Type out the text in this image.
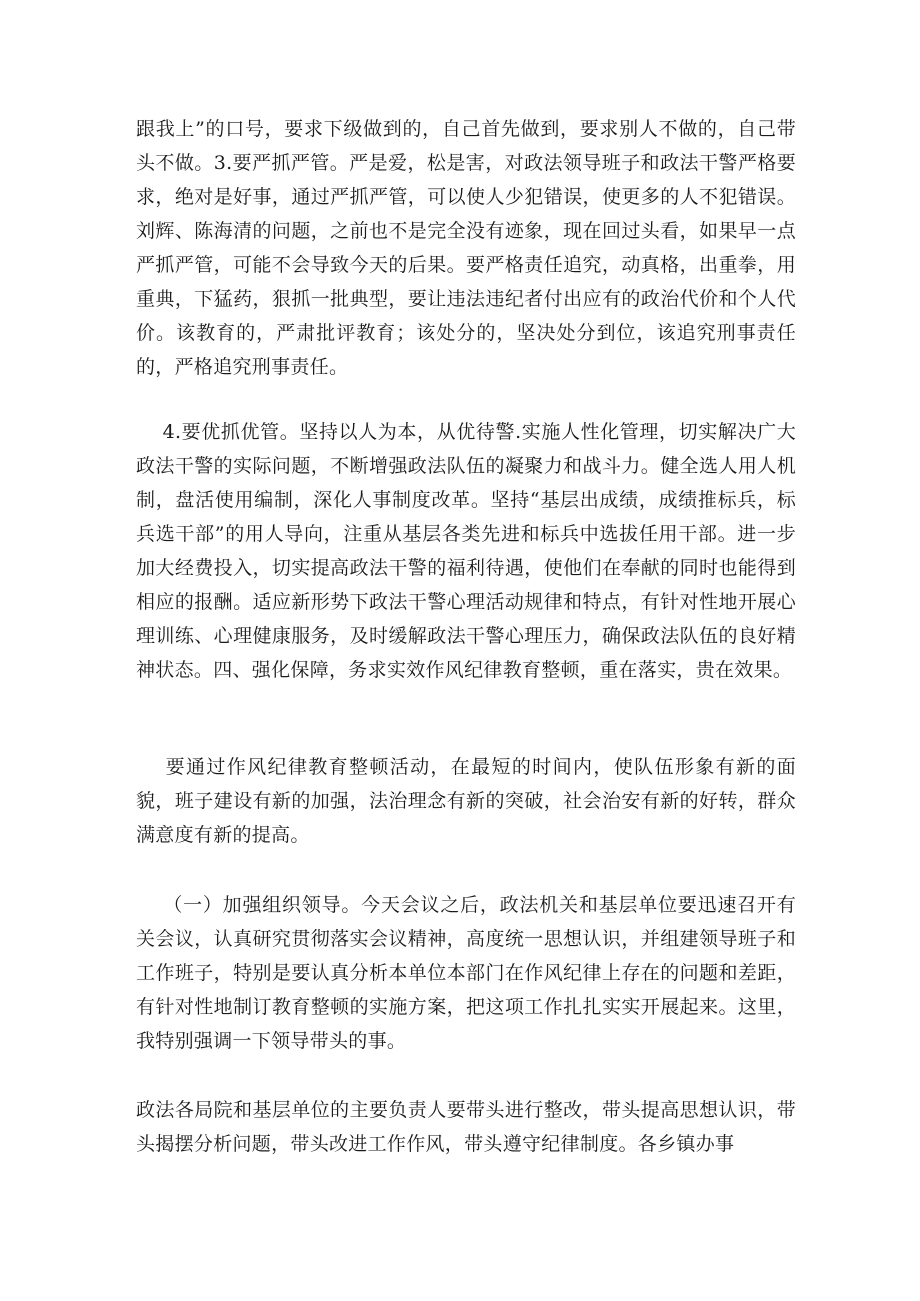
跟我上”的口号，要求下级做到的，自己首先做到，要求别人不做的，自己带头不做。3.要严抓严管。严是爱，松是害，对政法领导班子和政法干警严格要求，绝对是好事，通过严抓严管，可以使人少犯错误，使更多的人不犯错误。刘辉、陈海清的问题，之前也不是完全没有迹象，现在回过头看，如果早一点严抓严管，可能不会导致今天的后果。要严格责任追究，动真格，出重拳，用重典，下猛药，狠抓一批典型，要让违法违纪者付出应有的政治代价和个人代价。该教育的，严肃批评教育；该处分的，坚决处分到位，该追究刑事责任的，严格追究刑事责任。

4.要优抓优管。坚持以人为本，从优待警.实施人性化管理，切实解决广大政法干警的实际问题，不断增强政法队伍的凝聚力和战斗力。健全选人用人机制，盘活使用编制，深化人事制度改革。坚持“基层出成绩，成绩推标兵，标兵选干部”的用人导向，注重从基层各类先进和标兵中选拔任用干部。进一步加大经费投入，切实提高政法干警的福利待遇，使他们在奉献的同时也能得到相应的报酬。适应新形势下政法干警心理活动规律和特点，有针对性地开展心理训练、心理健康服务，及时缓解政法干警心理压力，确保政法队伍的良好精神状态。四、强化保障，务求实效作风纪律教育整顿，重在落实，贵在效果。

要通过作风纪律教育整顿活动，在最短的时间内，使队伍形象有新的面貌，班子建设有新的加强，法治理念有新的突破，社会治安有新的好转，群众满意度有新的提高。

（一）加强组织领导。今天会议之后，政法机关和基层单位要迅速召开有关会议，认真研究贯彻落实会议精神，高度统一思想认识，并组建领导班子和工作班子，特别是要认真分析本单位本部门在作风纪律上存在的问题和差距，有针对性地制订教育整顿的实施方案，把这项工作扎扎实实开展起来。这里，我特别强调一下领导带头的事。

政法各局院和基层单位的主要负责人要带头进行整改，带头提高思想认识，带头揭摆分析问题，带头改进工作作风，带头遵守纪律制度。各乡镇办事
